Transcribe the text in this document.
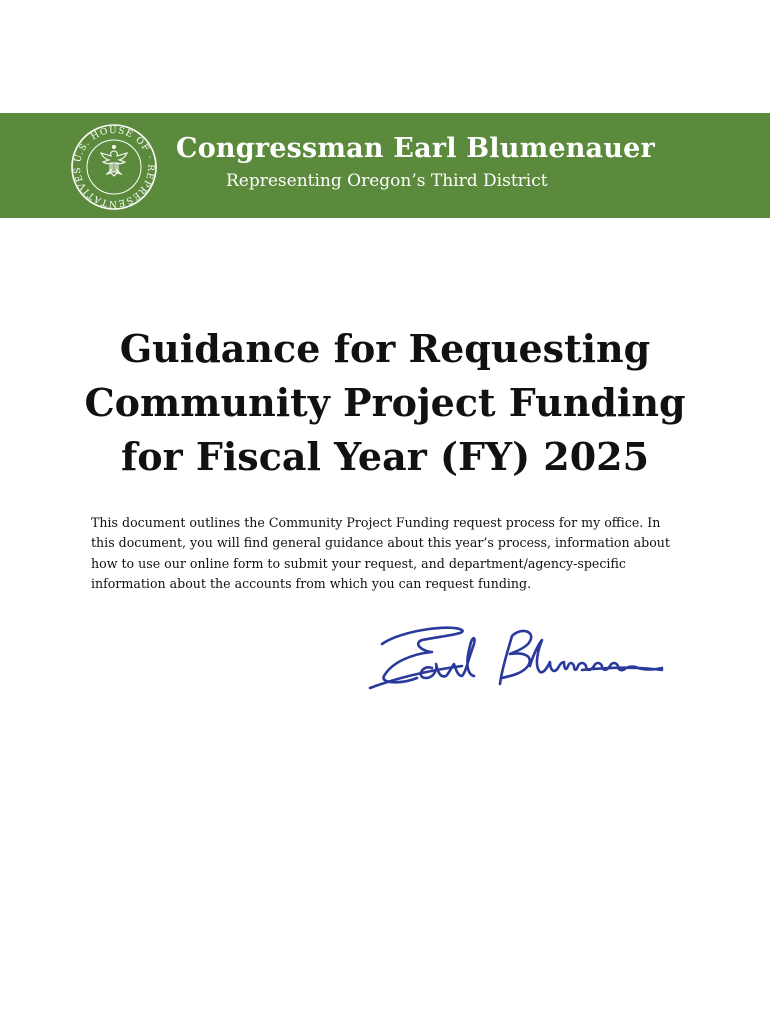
U.S. HOUSE OF · REPRESENTATIVES
Congressman Earl Blumenauer
Representing Oregon’s Third District
Guidance for Requesting
Community Project Funding
for Fiscal Year (FY) 2025

This document outlines the Community Project Funding request process for my office. In this document, you will find general guidance about this year’s process, information about how to use our online form to submit your request, and department/agency-specific information about the accounts from which you can request funding.
